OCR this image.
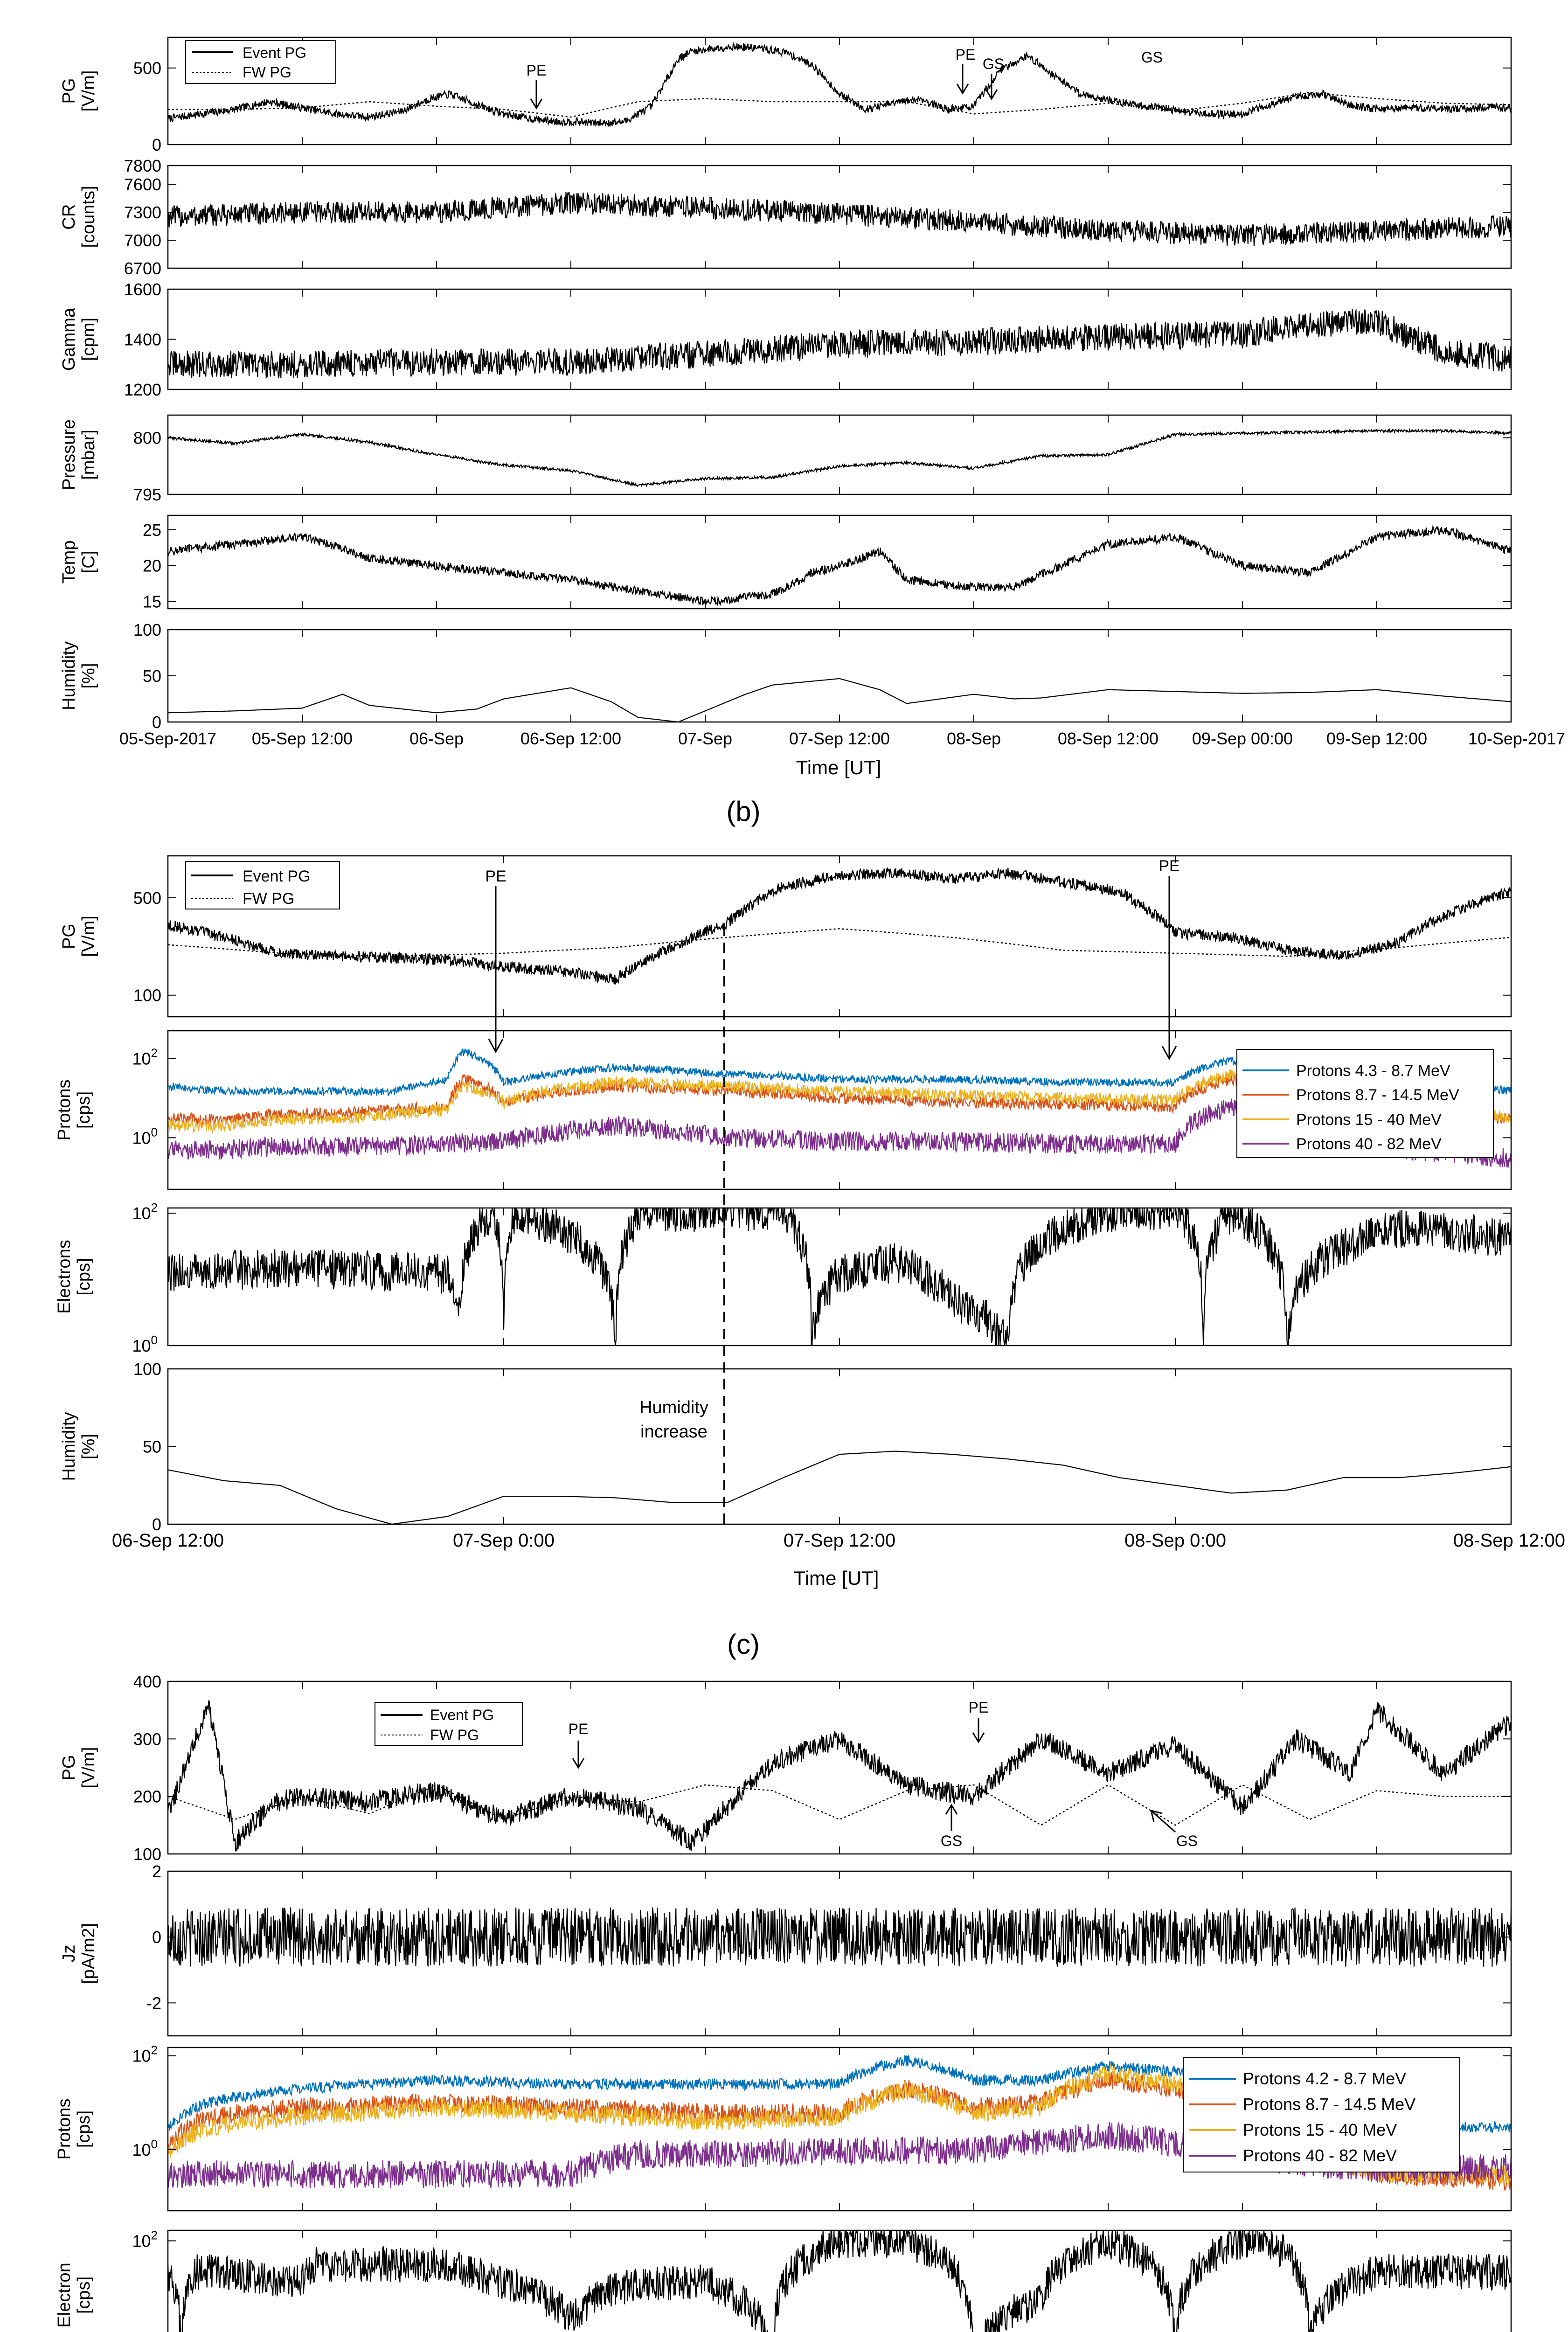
0
500
PG[V/m]
6700
7000
7300
7600
7800
CR[counts]
1200
1400
1600
Gamma[cpm]
795
800
Pressure[mbar]
15
20
25
Temp[C]
0
50
100
Humidity[%]
100
500
PG[V/m]
$10^0$
$10^2$
Protons[cps]
$10^0$
$10^2$
Electrons[cps]
0
50
100
Humidity[%]
100
200
300
400
PG[V/m]
-2
0
2
Jz[pA/m2]
$10^0$
$10^2$
Protons[cps]
$10^2$
Electron[cps]
05-Sep-2017 05-Sep 12:00	06-Sep	06-Sep 12:00	07-Sep	07-Sep 12:00	08-Sep	08-Sep 12:00 09-Sep 00:00 09-Sep 12:00 10-Sep-2017
06-Sep 12:00	07-Sep 0:00	07-Sep 12:00	08-Sep 0:00	08-Sep 12:00
(b)
(c)
Time [UT]
Time [UT]
Event PG
FW PG	PE
PE
GS	GS
Event PG
FW PG
PE
PE
Humidity
increase
Protons 4.3 - 8.7 MeV
Protons 8.7 - 14.5 MeV
Protons 15 - 40 MeV
Protons 40 - 82 MeV
Event PG
FW PG	PE
PE
GS	GS
Protons 4.2 - 8.7 MeV
Protons 8.7 - 14.5 MeV
Protons 15 - 40 MeV
Protons 40 - 82 MeV
